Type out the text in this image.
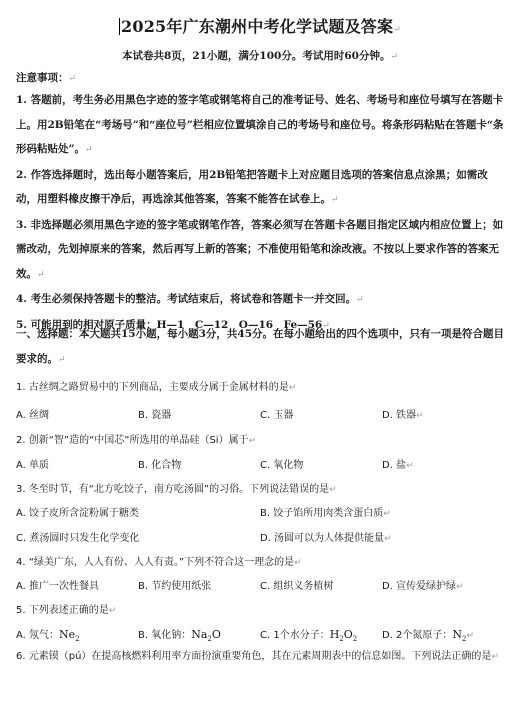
2025年广东潮州中考化学试题及答案↵
本试卷共8页，21小题，满分100分。考试用时60分钟。↵
注意事项：↵

1. 答题前，考生务必用黑色字迹的签字笔或钢笔将自己的准考证号、姓名、考场号和座位号填写在答题卡上。用2B铅笔在“考场号”和“座位号”栏相应位置填涂自己的考场号和座位号。将条形码粘贴在答题卡“条形码粘贴处”。↵

2. 作答选择题时，选出每小题答案后，用2B铅笔把答题卡上对应题目选项的答案信息点涂黑；如需改动，用塑料橡皮擦干净后，再选涂其他答案，答案不能答在试卷上。↵

3. 非选择题必须用黑色字迹的签字笔或钢笔作答，答案必须写在答题卡各题目指定区域内相应位置上；如需改动，先划掉原来的答案，然后再写上新的答案；不准使用铅笔和涂改液。不按以上要求作答的答案无效。↵

4. 考生必须保持答题卡的整洁。考试结束后，将试卷和答题卡一并交回。↵

5. 可能用到的相对原子质量：H—1　C—12　O—16　Fe—56↵

一、选择题：本大题共15小题，每小题3分，共45分。在每小题给出的四个选项中，只有一项是符合题目要求的。↵

1. 古丝绸之路贸易中的下列商品，主要成分属于金属材料的是↵
A. 丝绸	B. 瓷器	C. 玉器	D. 铁器↵
2. 创新“智”造的“中国芯”所选用的单晶硅（Si）属于↵
A. 单质	B. 化合物	C. 氧化物	D. 盐↵
3. 冬至时节，有“北方吃饺子，南方吃汤圆”的习俗。下列说法错误的是↵
A. 饺子皮所含淀粉属于糖类	B. 饺子馅所用肉类含蛋白质↵
C. 煮汤圆时只发生化学变化	D. 汤圆可以为人体提供能量↵
4. “绿美广东，人人有份、人人有责。”下列不符合这一理念的是↵
A. 推广一次性餐具	B. 节约使用纸张	C. 组织义务植树	D. 宣传爱绿护绿↵
5. 下列表述正确的是↵
A. 氖气：$Ne_2$	B. 氧化钠：$Na_2O$	C. 1个水分子：$H_2O_2$ D. 2个氮原子：$N_2↵$
6. 元素镆（pú）在提高核燃料利用率方面扮演重要角色，其在元素周期表中的信息如图。下列说法正确的是↵
